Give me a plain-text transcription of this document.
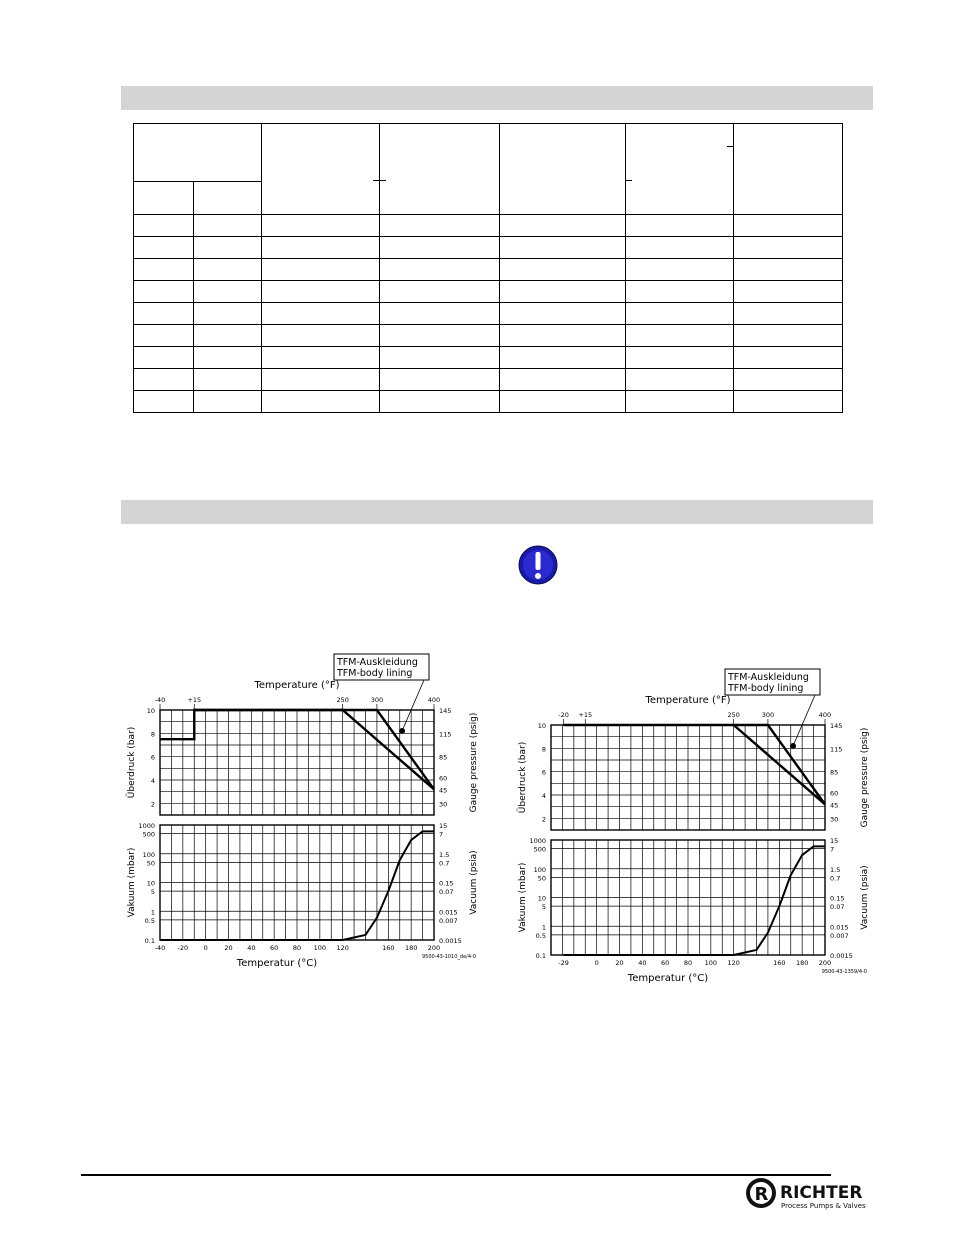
Temperature (°F)
-40	+15	250	300	400
-40 -20 0	20 40 60 80 100 120	160 180 200
Temperatur (°C)
9500-43-1010_de/4-0
2
4
6
8
10
30
45
60
85
115
145
Überdruck (bar)	Gauge pressure (psig)
0.1
0.5
1
5
10
50
100
500
1000
0.0015
0.007
0.015
0.07
0.15
0.7
1.5
7
15
Vakuum (mbar)	Vacuum (psia)
TFM-Auskleidung
TFM-body lining
Temperature (°F)
-20 +15	250	300	400
-29	0	20 40 60 80 100 120	160 180 200
Temperatur (°C)
9500-43-1359/4-0
2
4
6
8
10
30
45
60
85
115
145
Überdruck (bar)	Gauge pressure (psig)
0.1
0.5
1
5
10
50
100
500
1000
0.0015
0.007
0.015
0.07
0.15
0.7
1.5
7
15
Vakuum (mbar)	Vacuum (psia)
TFM-Auskleidung
TFM-body lining
R RICHTER
Process Pumps & Valves
